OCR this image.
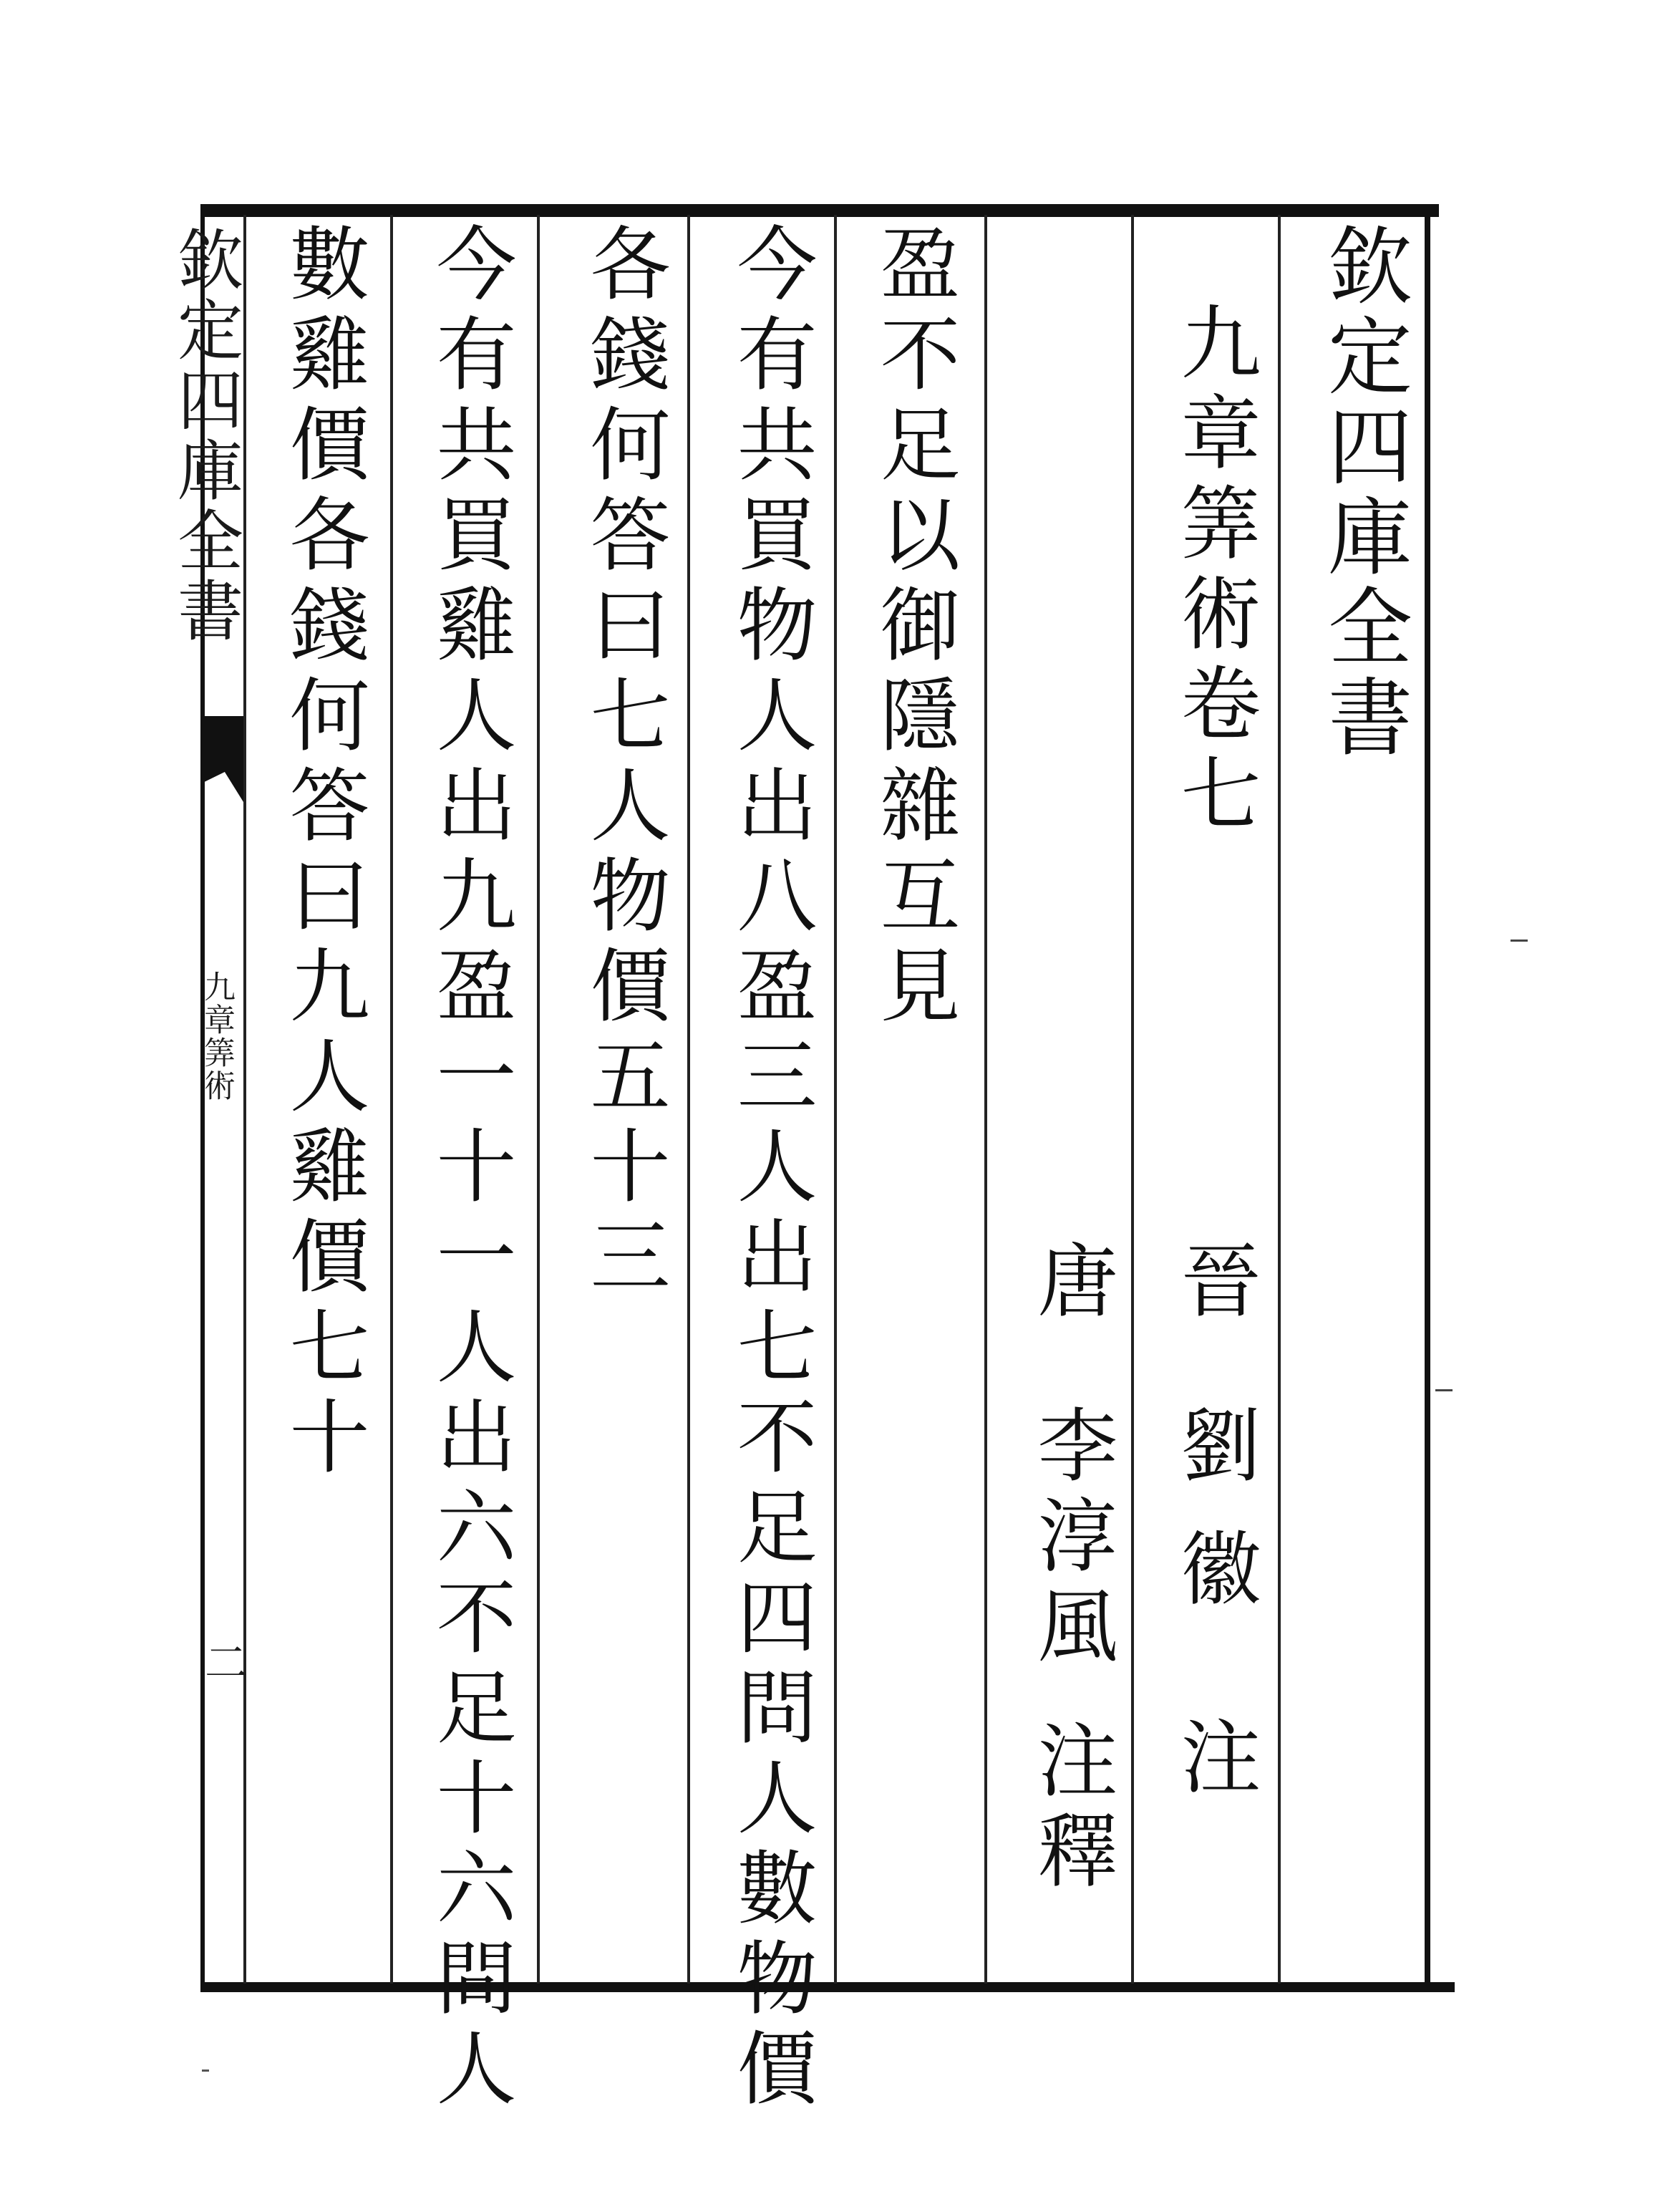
欽定四庫全書
九章筭術卷七
晉
劉徽
注
唐
李淳風
注釋
盈不足以御隱雜互見
今有共買物人出八盈三人出七不足四問人數物價
各錢何答曰七人物價五十三
今有共買雞人出九盈一十一人出六不足十六問人
數雞價各錢何答曰九人雞價七十
欽定四庫全書
九章筭術
二
